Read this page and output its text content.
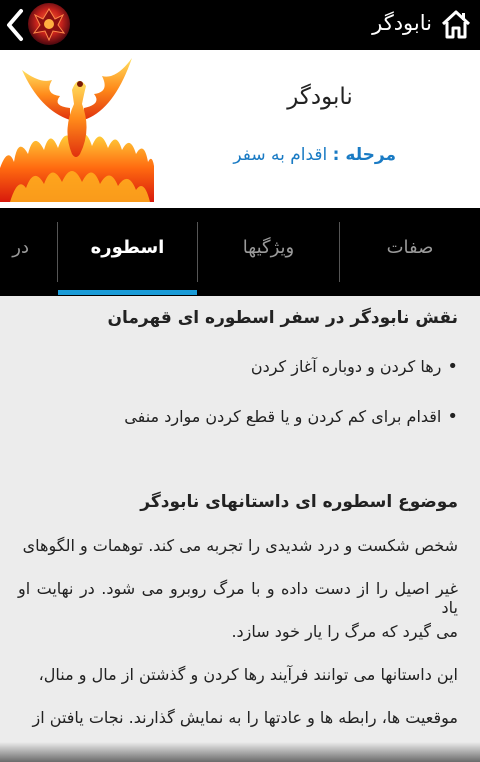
نابودگر
نابودگر
مرحله : اقدام به سفر
صفات
ویژگیها
اسطوره
در
نقش نابودگر در سفر اسطوره ای قهرمان
•رها کردن و دوباره آغاز کردن
•اقدام برای کم کردن و یا قطع کردن موارد منفی
موضوع اسطوره ای داستانهای نابودگر
شخص شکست و درد شدیدی را تجربه می کند. توهمات و الگوهای
غیر اصیل را از دست داده و با مرگ روبرو می شود. در نهایت او یاد
می گیرد که مرگ را یار خود سازد.
این داستانها می توانند فرآیند رها کردن و گذشتن از مال و منال،
موقعیت ها، رابطه ها و عادتها را به نمایش گذارند. نجات یافتن از
